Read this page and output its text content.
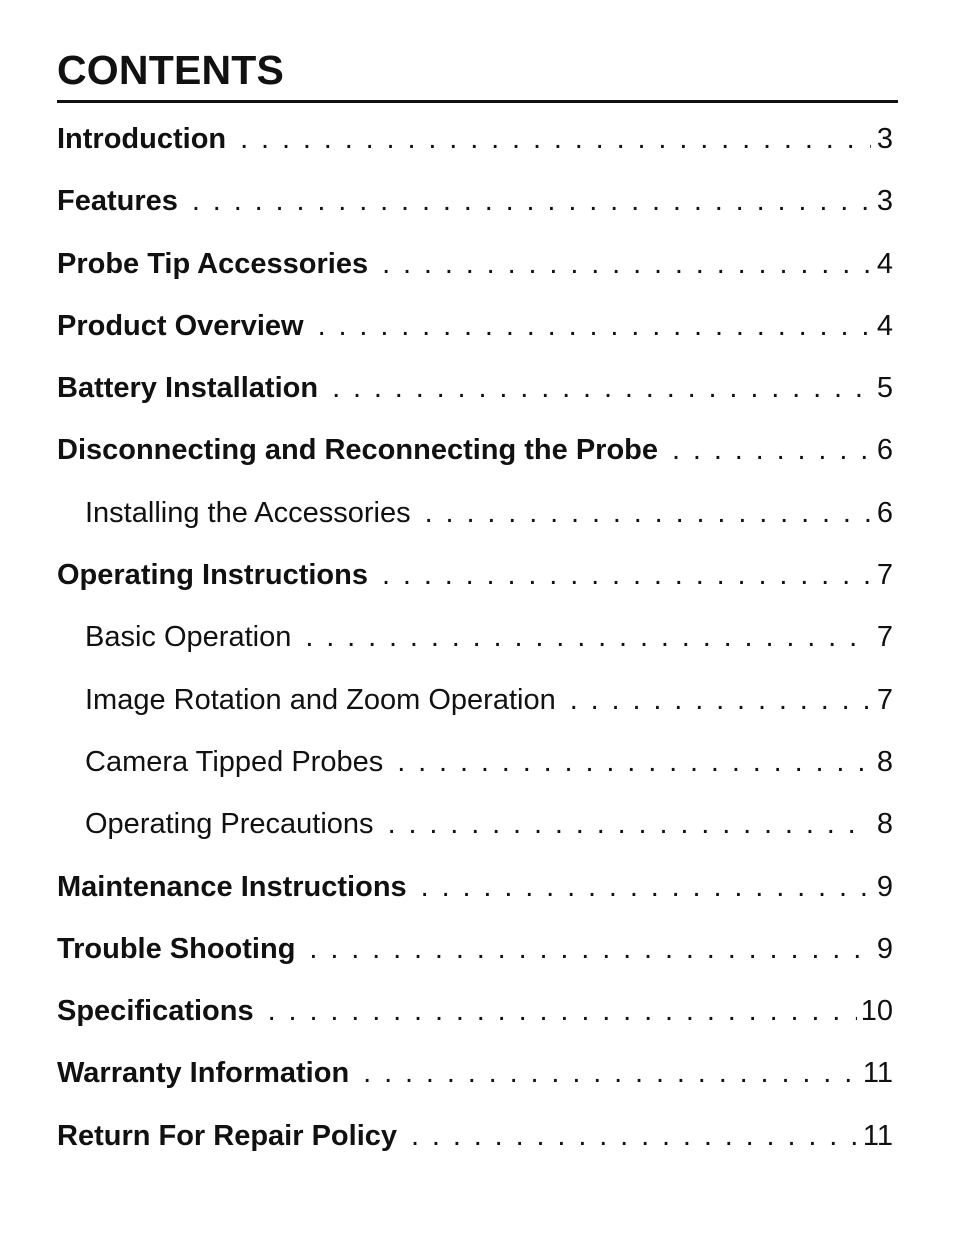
CONTENTS
Introduction . . .	3
Features . . .	3
Probe Tip Accessories . . .	4
Product Overview . . .	4
Battery Installation . . .	5
Disconnecting and Reconnecting the Probe . . .	6
Installing the Accessories . . .	6
Operating Instructions . . .	7
Basic Operation . . .	7
Image Rotation and Zoom Operation . . .	7
Camera Tipped Probes . . .	8
Operating Precautions . . .	8
Maintenance Instructions . . .	9
Trouble Shooting . . .	9
Specifications . . .	10
Warranty Information . . .	11
Return For Repair Policy . . .	11
